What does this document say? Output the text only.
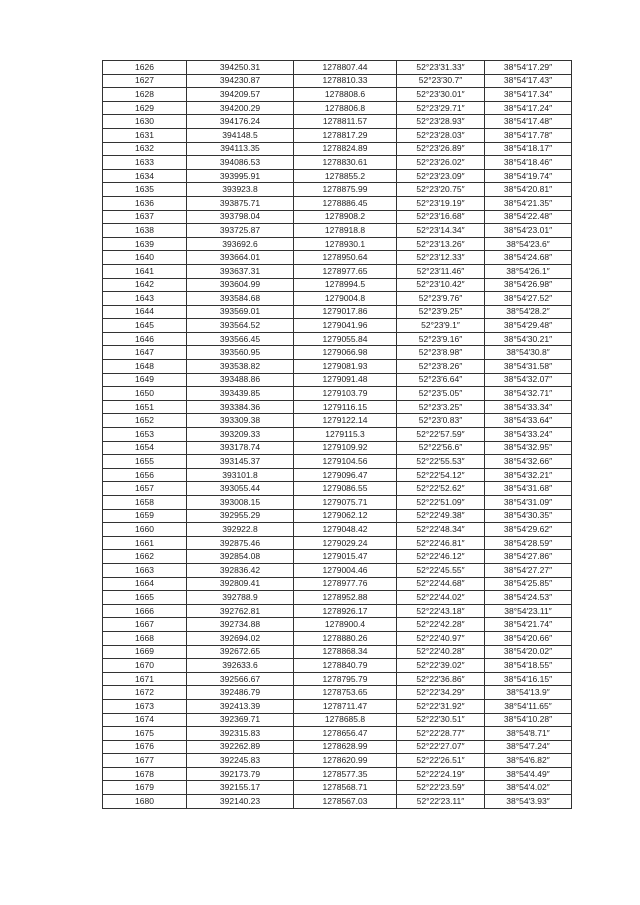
1626	394250.31	1278807.44	52°23′31.33″	38°54′17.29″
1627	394230.87	1278810.33	52°23′30.7″	38°54′17.43″
1628	394209.57	1278808.6	52°23′30.01″	38°54′17.34″
1629	394200.29	1278806.8	52°23′29.71″	38°54′17.24″
1630	394176.24	1278811.57	52°23′28.93″	38°54′17.48″
1631	394148.5	1278817.29	52°23′28.03″	38°54′17.78″
1632	394113.35	1278824.89	52°23′26.89″	38°54′18.17″
1633	394086.53	1278830.61	52°23′26.02″	38°54′18.46″
1634	393995.91	1278855.2	52°23′23.09″	38°54′19.74″
1635	393923.8	1278875.99	52°23′20.75″	38°54′20.81″
1636	393875.71	1278886.45	52°23′19.19″	38°54′21.35″
1637	393798.04	1278908.2	52°23′16.68″	38°54′22.48″
1638	393725.87	1278918.8	52°23′14.34″	38°54′23.01″
1639	393692.6	1278930.1	52°23′13.26″	38°54′23.6″
1640	393664.01	1278950.64	52°23′12.33″	38°54′24.68″
1641	393637.31	1278977.65	52°23′11.46″	38°54′26.1″
1642	393604.99	1278994.5	52°23′10.42″	38°54′26.98″
1643	393584.68	1279004.8	52°23′9.76″	38°54′27.52″
1644	393569.01	1279017.86	52°23′9.25″	38°54′28.2″
1645	393564.52	1279041.96	52°23′9.1″	38°54′29.48″
1646	393566.45	1279055.84	52°23′9.16″	38°54′30.21″
1647	393560.95	1279066.98	52°23′8.98″	38°54′30.8″
1648	393538.82	1279081.93	52°23′8.26″	38°54′31.58″
1649	393488.86	1279091.48	52°23′6.64″	38°54′32.07″
1650	393439.85	1279103.79	52°23′5.05″	38°54′32.71″
1651	393384.36	1279116.15	52°23′3.25″	38°54′33.34″
1652	393309.38	1279122.14	52°23′0.83″	38°54′33.64″
1653	393209.33	1279115.3	52°22′57.59″	38°54′33.24″
1654	393178.74	1279109.92	52°22′56.6″	38°54′32.95″
1655	393145.37	1279104.56	52°22′55.53″	38°54′32.66″
1656	393101.8	1279096.47	52°22′54.12″	38°54′32.21″
1657	393055.44	1279086.55	52°22′52.62″	38°54′31.68″
1658	393008.15	1279075.71	52°22′51.09″	38°54′31.09″
1659	392955.29	1279062.12	52°22′49.38″	38°54′30.35″
1660	392922.8	1279048.42	52°22′48.34″	38°54′29.62″
1661	392875.46	1279029.24	52°22′46.81″	38°54′28.59″
1662	392854.08	1279015.47	52°22′46.12″	38°54′27.86″
1663	392836.42	1279004.46	52°22′45.55″	38°54′27.27″
1664	392809.41	1278977.76	52°22′44.68″	38°54′25.85″
1665	392788.9	1278952.88	52°22′44.02″	38°54′24.53″
1666	392762.81	1278926.17	52°22′43.18″	38°54′23.11″
1667	392734.88	1278900.4	52°22′42.28″	38°54′21.74″
1668	392694.02	1278880.26	52°22′40.97″	38°54′20.66″
1669	392672.65	1278868.34	52°22′40.28″	38°54′20.02″
1670	392633.6	1278840.79	52°22′39.02″	38°54′18.55″
1671	392566.67	1278795.79	52°22′36.86″	38°54′16.15″
1672	392486.79	1278753.65	52°22′34.29″	38°54′13.9″
1673	392413.39	1278711.47	52°22′31.92″	38°54′11.65″
1674	392369.71	1278685.8	52°22′30.51″	38°54′10.28″
1675	392315.83	1278656.47	52°22′28.77″	38°54′8.71″
1676	392262.89	1278628.99	52°22′27.07″	38°54′7.24″
1677	392245.83	1278620.99	52°22′26.51″	38°54′6.82″
1678	392173.79	1278577.35	52°22′24.19″	38°54′4.49″
1679	392155.17	1278568.71	52°22′23.59″	38°54′4.02″
1680	392140.23	1278567.03	52°22′23.11″	38°54′3.93″
